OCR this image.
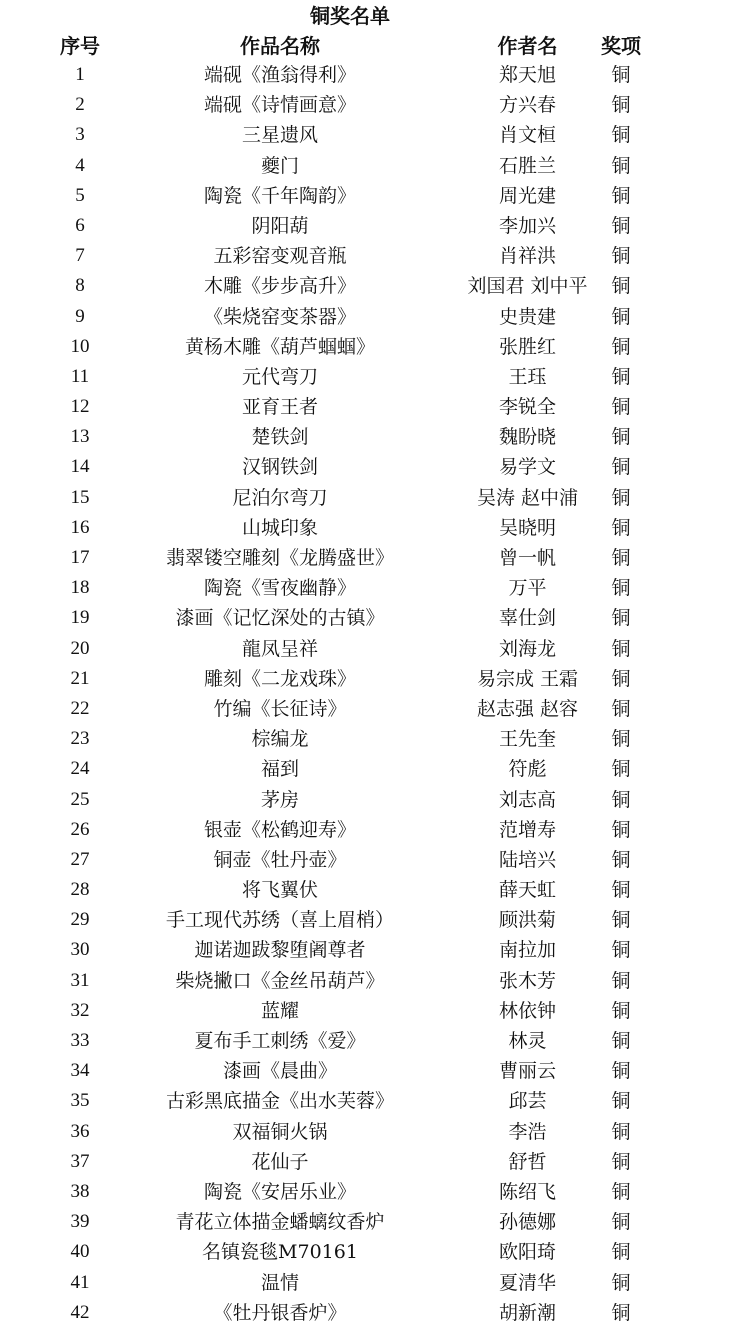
铜奖名单
序号	作品名称	作者名	奖项
1	端砚《渔翁得利》	郑天旭	铜
2	端砚《诗情画意》	方兴春	铜
3	三星遗风	肖文桓	铜
4	夔门	石胜兰	铜
5	陶瓷《千年陶韵》	周光建	铜
6	阴阳葫	李加兴	铜
7	五彩窑变观音瓶	肖祥洪	铜
8	木雕《步步高升》	刘国君 刘中平	铜
9	《柴烧窑变茶器》	史贵建	铜
10	黄杨木雕《葫芦蝈蝈》	张胜红	铜
11	元代弯刀	王珏	铜
12	亚育王者	李锐全	铜
13	楚铁剑	魏盼晓	铜
14	汉钢铁剑	易学文	铜
15	尼泊尔弯刀	吴涛 赵中浦	铜
16	山城印象	吴晓明	铜
17	翡翠镂空雕刻《龙腾盛世》	曾一帆	铜
18	陶瓷《雪夜幽静》	万平	铜
19	漆画《记忆深处的古镇》	辜仕剑	铜
20	龍凤呈祥	刘海龙	铜
21	雕刻《二龙戏珠》	易宗成 王霜	铜
22	竹编《长征诗》	赵志强 赵容	铜
23	棕编龙	王先奎	铜
24	福到	符彪	铜
25	茅房	刘志高	铜
26	银壶《松鹤迎寿》	范增寿	铜
27	铜壶《牡丹壶》	陆培兴	铜
28	将飞翼伏	薛天虹	铜
29	手工现代苏绣（喜上眉梢）	顾洪菊	铜
30	迦诺迦跋黎堕阇尊者	南拉加	铜
31	柴烧撇口《金丝吊葫芦》	张木芳	铜
32	蓝耀	林依钟	铜
33	夏布手工刺绣《爱》	林灵	铜
34	漆画《晨曲》	曹丽云	铜
35	古彩黑底描金《出水芙蓉》	邱芸	铜
36	双福铜火锅	李浩	铜
37	花仙子	舒哲	铜
38	陶瓷《安居乐业》	陈绍飞	铜
39	青花立体描金蟠螭纹香炉	孙德娜	铜
40	名镇瓷毯M70161	欧阳琦	铜
41	温情	夏清华	铜
42	《牡丹银香炉》	胡新潮	铜
